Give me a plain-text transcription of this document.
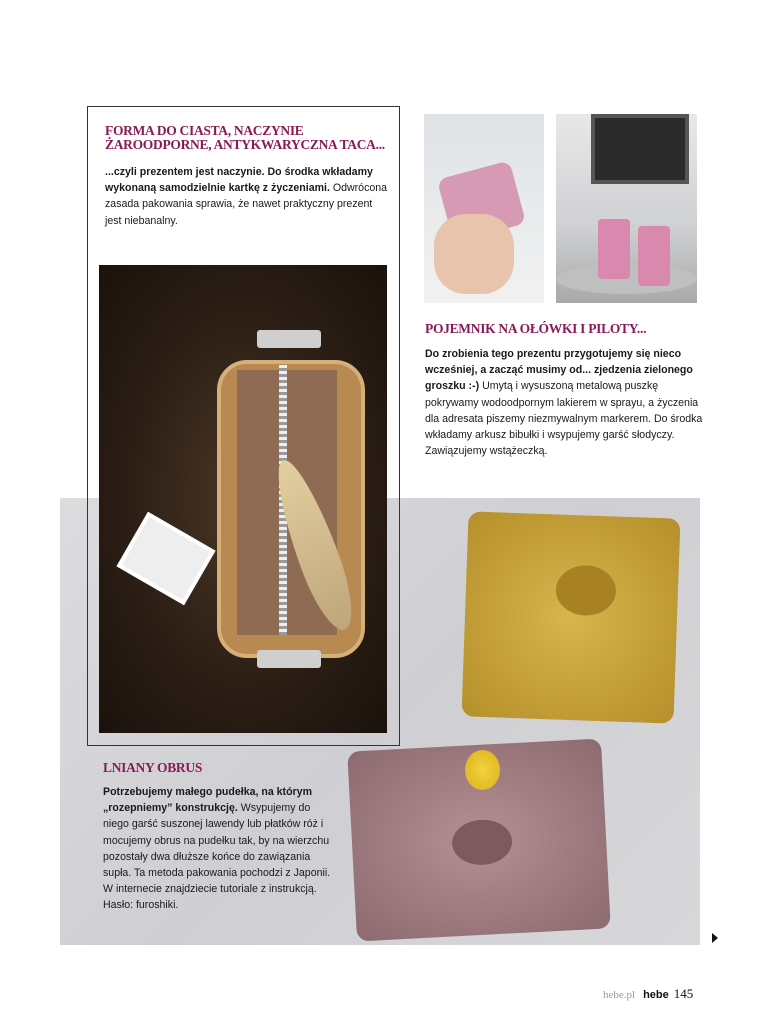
FORMA DO CIASTA, NACZYNIE ŻAROODPORNE, ANTYKWARYCZNA TACA...

...czyli prezentem jest naczynie. Do środka wkładamy wykonaną samodzielnie kartkę z życzeniami. Odwrócona zasada pakowania sprawia, że nawet praktyczny prezent jest niebanalny.

POJEMNIK NA OŁÓWKI I PILOTY...

Do zrobienia tego prezentu przygotujemy się nieco wcześniej, a zacząć musimy od... zjedzenia zielonego groszku :-) Umytą i wysuszoną metalową puszkę pokrywamy wodoodpornym lakierem w sprayu, a życzenia dla adresata piszemy niezmywalnym markerem. Do środka wkładamy arkusz bibułki i wsypujemy garść słodyczy. Zawiązujemy wstążeczką.

LNIANY OBRUS

Potrzebujemy małego pudełka, na którym „rozepniemy” konstrukcję. Wsypujemy do niego garść suszonej lawendy lub płatków róż i mocujemy obrus na pudełku tak, by na wierzchu pozostały dwa dłuższe końce do zawiązania supła. Ta metoda pakowania pochodzi z Japonii. W internecie znajdziecie tutoriale z instrukcją. Hasło: furoshiki.

hebe.pl hebe 145
